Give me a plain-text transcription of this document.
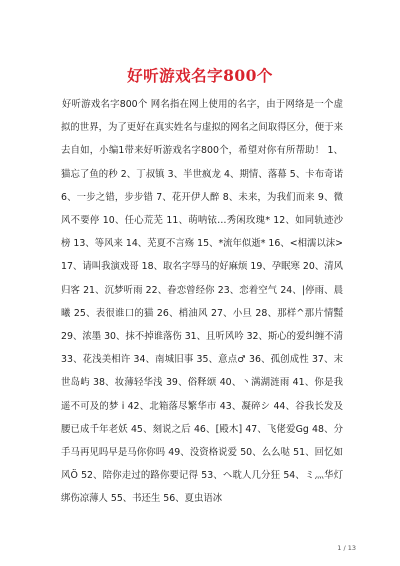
好听游戏名字800个

好听游戏名字800个 网名指在网上使用的名字，由于网络是一个虚拟的世界，为了更好在真实姓名与虚拟的网名之间取得区分，便于来去自如，小编1带来好听游戏名字800个，希望对你有所帮助！ 1、猫忘了鱼的秒 2、丁叔镇 3、半世疯龙 4、期情、落幕 5、卡布奇诺 6、一步之错，步步错 7、花开伊人醉 8、未来，为我们而来 9、微风不要停 10、任心荒芜 11、萌呐铱…秀闲玫瑰* 12、如同轨迹沙榜 13、等风来 14、芜夏不言殇 15、*流年似逝* 16、<相濡以沫> 17、请叫我演戏哥 18、取名字辱马的好麻烦 19、孕眠寒 20、清风归客 21、沉梦听雨 22、眷恋曾经你 23、恋着空气 24、|停雨、晨曦 25、表很谁口的猫 26、梢油风 27、小旦 28、那样^那片情㍿ 29、浓墨 30、抹不掉谁落伤 31、且听风吟 32、斯心的爱纠缠不清 33、花浅美相许 34、南城旧事 35、意点♂ 36、孤创成性 37、末世岛屿 38、妆薄轻华浅 39、俗释颂 40、丶满湖涟雨 41、你是我遥不可及的梦 i 42、北箱落尽繁华市 43、凝碎シ 44、谷我长发及腰已成千年老妖 45、刻说之后 46、[殿木] 47、飞佬爱Gg 48、分手马再见吗早是马你你吗 49、没资格说爱 50、么么哒 51、回忆如风Ö 52、陪你走过的路你要记得 53、ヘ耽人几分狂 54、ミ灬华灯绑伤凉薄人 55、书还生 56、夏虫语冰

1 / 13
